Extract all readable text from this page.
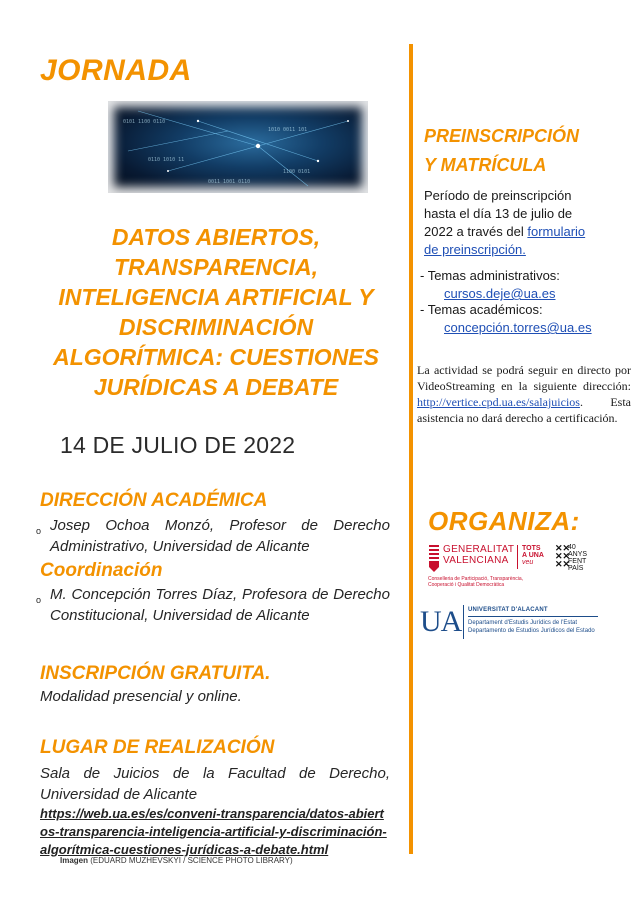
JORNADA
0101 1100 0110
1010 0011 101
0110 1010 11
1100 0101
0011 1001 0110
DATOS ABIERTOS,
TRANSPARENCIA,
INTELIGENCIA ARTIFICIAL Y
DISCRIMINACIÓN
ALGORÍTMICA: CUESTIONES
JURÍDICAS A DEBATE
14 DE JULIO DE 2022
DIRECCIÓN ACADÉMICA
o Josep Ochoa Monzó, Profesor de Derecho Administrativo, Universidad de Alicante
Coordinación
o M. Concepción Torres Díaz, Profesora de Derecho Constitucional, Universidad de Alicante
INSCRIPCIÓN GRATUITA.
Modalidad presencial y online.
LUGAR DE REALIZACIÓN
Sala de Juicios de la Facultad de Derecho, Universidad de Alicante
https://web.ua.es/es/conveni-transparencia/datos-abiertos-transparencia-inteligencia-artificial-y-discriminación-algorítmica-cuestiones-jurídicas-a-debate.html
Imagen (EDUARD MUZHEVSKYI / SCIENCE PHOTO LIBRARY)
PREINSCRIPCIÓN
Y MATRÍCULA
Período de preinscripción hasta el día 13 de julio de 2022 a través del formulario de preinscripción.
- Temas administrativos:
cursos.deje@ua.es
- Temas académicos:
concepción.torres@ua.es
La actividad se podrá seguir en directo por VideoStreaming en la siguiente dirección: http://vertice.cpd.ua.es/salajuicios. Esta asistencia no dará derecho a certificación.
ORGANIZA:
GENERALITAT
VALENCIANA
TOTS
A UNA
veu
Conselleria de Participació, Transparència, Cooperació i Qualitat Democràtica
✕✕
✕✕
✕✕
40
ANYS
FENT
PAÍS
UA UNIVERSITAT D'ALACANT
Departament d'Estudis Jurídics de l'Estat
Departamento de Estudios Jurídicos del Estado
